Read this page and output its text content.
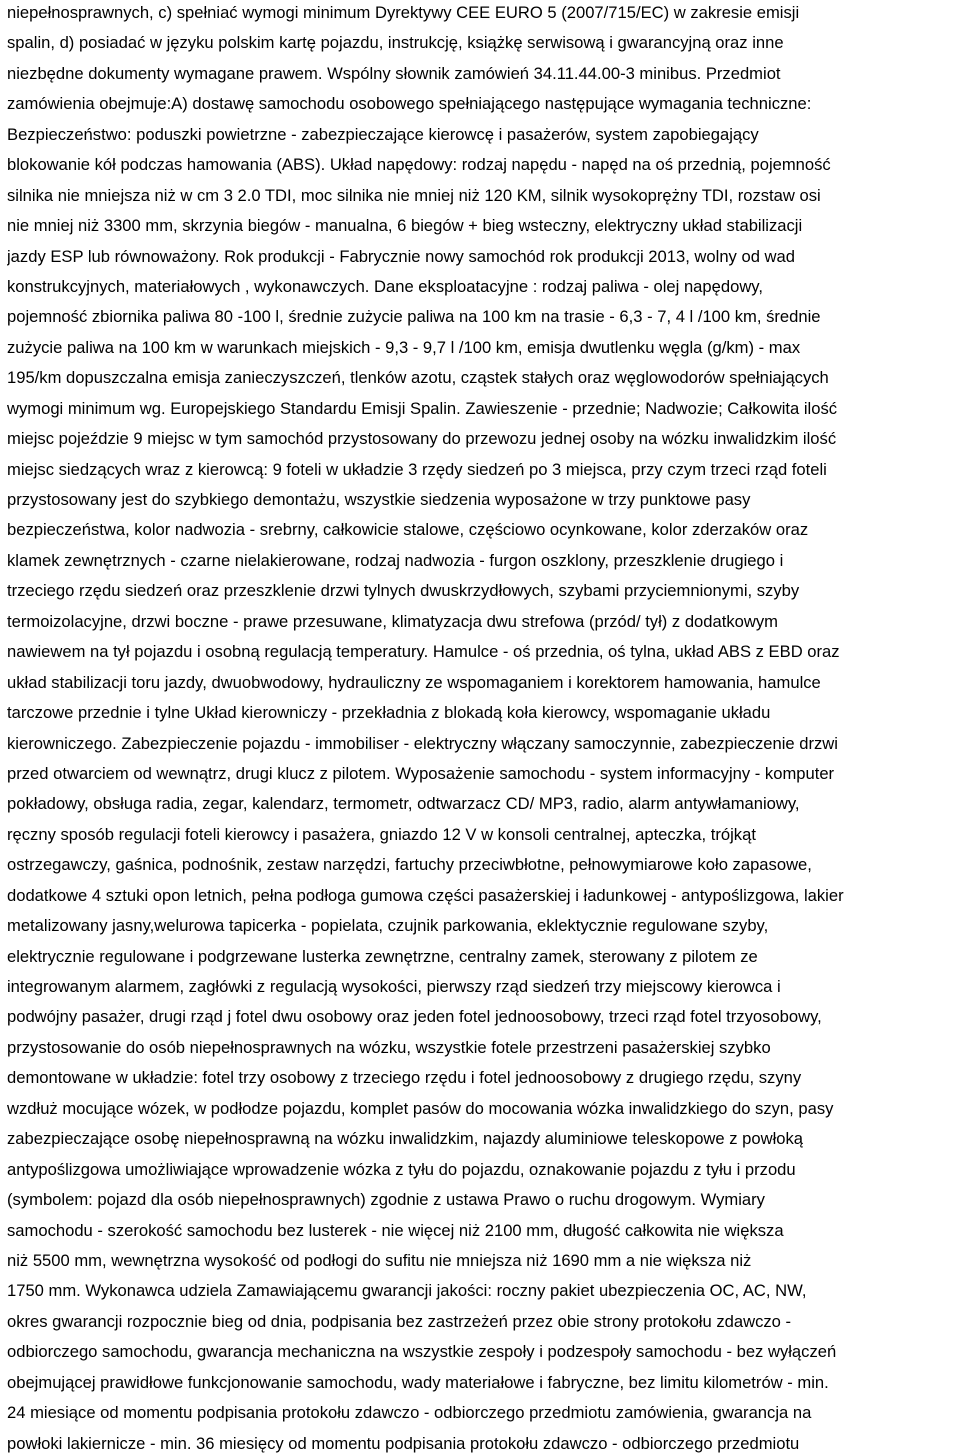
niepełnosprawnych, c) spełniać wymogi minimum Dyrektywy CEE EURO 5 (2007/715/EC) w zakresie emisji
spalin, d) posiadać w języku polskim kartę pojazdu, instrukcję, książkę serwisową i gwarancyjną oraz inne
niezbędne dokumenty wymagane prawem. Wspólny słownik zamówień 34.11.44.00-3 minibus. Przedmiot
zamówienia obejmuje:A) dostawę samochodu osobowego spełniającego następujące wymagania techniczne:
Bezpieczeństwo: poduszki powietrzne - zabezpieczające kierowcę i pasażerów, system zapobiegający
blokowanie kół podczas hamowania (ABS). Układ napędowy: rodzaj napędu - napęd na oś przednią, pojemność
silnika nie mniejsza niż w cm 3 2.0 TDI, moc silnika nie mniej niż 120 KM, silnik wysokoprężny TDI, rozstaw osi
nie mniej niż 3300 mm, skrzynia biegów - manualna, 6 biegów + bieg wsteczny, elektryczny układ stabilizacji
jazdy ESP lub równoważony. Rok produkcji - Fabrycznie nowy samochód rok produkcji 2013, wolny od wad
konstrukcyjnych, materiałowych , wykonawczych. Dane eksploatacyjne : rodzaj paliwa - olej napędowy,
pojemność zbiornika paliwa 80 -100 l, średnie zużycie paliwa na 100 km na trasie - 6,3 - 7, 4 l /100 km, średnie
zużycie paliwa na 100 km w warunkach miejskich - 9,3 - 9,7 l /100 km, emisja dwutlenku węgla (g/km) - max
195/km dopuszczalna emisja zanieczyszczeń, tlenków azotu, cząstek stałych oraz węglowodorów spełniających
wymogi minimum wg. Europejskiego Standardu Emisji Spalin. Zawieszenie - przednie; Nadwozie; Całkowita ilość
miejsc pojeździe 9 miejsc w tym samochód przystosowany do przewozu jednej osoby na wózku inwalidzkim ilość
miejsc siedzących wraz z kierowcą: 9 foteli w układzie 3 rzędy siedzeń po 3 miejsca, przy czym trzeci rząd foteli
przystosowany jest do szybkiego demontażu, wszystkie siedzenia wyposażone w trzy punktowe pasy
bezpieczeństwa, kolor nadwozia - srebrny, całkowicie stalowe, częściowo ocynkowane, kolor zderzaków oraz
klamek zewnętrznych - czarne nielakierowane, rodzaj nadwozia - furgon oszklony, przeszklenie drugiego i
trzeciego rzędu siedzeń oraz przeszklenie drzwi tylnych dwuskrzydłowych, szybami przyciemnionymi, szyby
termoizolacyjne, drzwi boczne - prawe przesuwane, klimatyzacja dwu strefowa (przód/ tył) z dodatkowym
nawiewem na tył pojazdu i osobną regulacją temperatury. Hamulce - oś przednia, oś tylna, układ ABS z EBD oraz
układ stabilizacji toru jazdy, dwuobwodowy, hydrauliczny ze wspomaganiem i korektorem hamowania, hamulce
tarczowe przednie i tylne Układ kierowniczy - przekładnia z blokadą koła kierowcy, wspomaganie układu
kierowniczego. Zabezpieczenie pojazdu - immobiliser - elektryczny włączany samoczynnie, zabezpieczenie drzwi
przed otwarciem od wewnątrz, drugi klucz z pilotem. Wyposażenie samochodu - system informacyjny - komputer
pokładowy, obsługa radia, zegar, kalendarz, termometr, odtwarzacz CD/ MP3, radio, alarm antywłamaniowy,
ręczny sposób regulacji foteli kierowcy i pasażera, gniazdo 12 V w konsoli centralnej, apteczka, trójkąt
ostrzegawczy, gaśnica, podnośnik, zestaw narzędzi, fartuchy przeciwbłotne, pełnowymiarowe koło zapasowe,
dodatkowe 4 sztuki opon letnich, pełna podłoga gumowa części pasażerskiej i ładunkowej - antypoślizgowa, lakier
metalizowany jasny,welurowa tapicerka - popielata, czujnik parkowania, eklektycznie regulowane szyby,
elektrycznie regulowane i podgrzewane lusterka zewnętrzne, centralny zamek, sterowany z pilotem ze
integrowanym alarmem, zagłówki z regulacją wysokości, pierwszy rząd siedzeń trzy miejscowy kierowca i
podwójny pasażer, drugi rząd j fotel dwu osobowy oraz jeden fotel jednoosobowy, trzeci rząd fotel trzyosobowy,
przystosowanie do osób niepełnosprawnych na wózku, wszystkie fotele przestrzeni pasażerskiej szybko
demontowane w układzie: fotel trzy osobowy z trzeciego rzędu i fotel jednoosobowy z drugiego rzędu, szyny
wzdłuż mocujące wózek, w podłodze pojazdu, komplet pasów do mocowania wózka inwalidzkiego do szyn, pasy
zabezpieczające osobę niepełnosprawną na wózku inwalidzkim, najazdy aluminiowe teleskopowe z powłoką
antypoślizgowa umożliwiające wprowadzenie wózka z tyłu do pojazdu, oznakowanie pojazdu z tyłu i przodu
(symbolem: pojazd dla osób niepełnosprawnych) zgodnie z ustawa Prawo o ruchu drogowym. Wymiary
samochodu - szerokość samochodu bez lusterek - nie więcej niż 2100 mm, długość całkowita nie większa
niż 5500 mm, wewnętrzna wysokość od podłogi do sufitu nie mniejsza niż 1690 mm a nie większa niż
1750 mm. Wykonawca udziela Zamawiającemu gwarancji jakości: roczny pakiet ubezpieczenia OC, AC, NW,
okres gwarancji rozpocznie bieg od dnia, podpisania bez zastrzeżeń przez obie strony protokołu zdawczo -
odbiorczego samochodu, gwarancja mechaniczna na wszystkie zespoły i podzespoły samochodu - bez wyłączeń
obejmującej prawidłowe funkcjonowanie samochodu, wady materiałowe i fabryczne, bez limitu kilometrów - min.
24 miesiące od momentu podpisania protokołu zdawczo - odbiorczego przedmiotu zamówienia, gwarancja na
powłoki lakiernicze - min. 36 miesięcy od momentu podpisania protokołu zdawczo - odbiorczego przedmiotu
